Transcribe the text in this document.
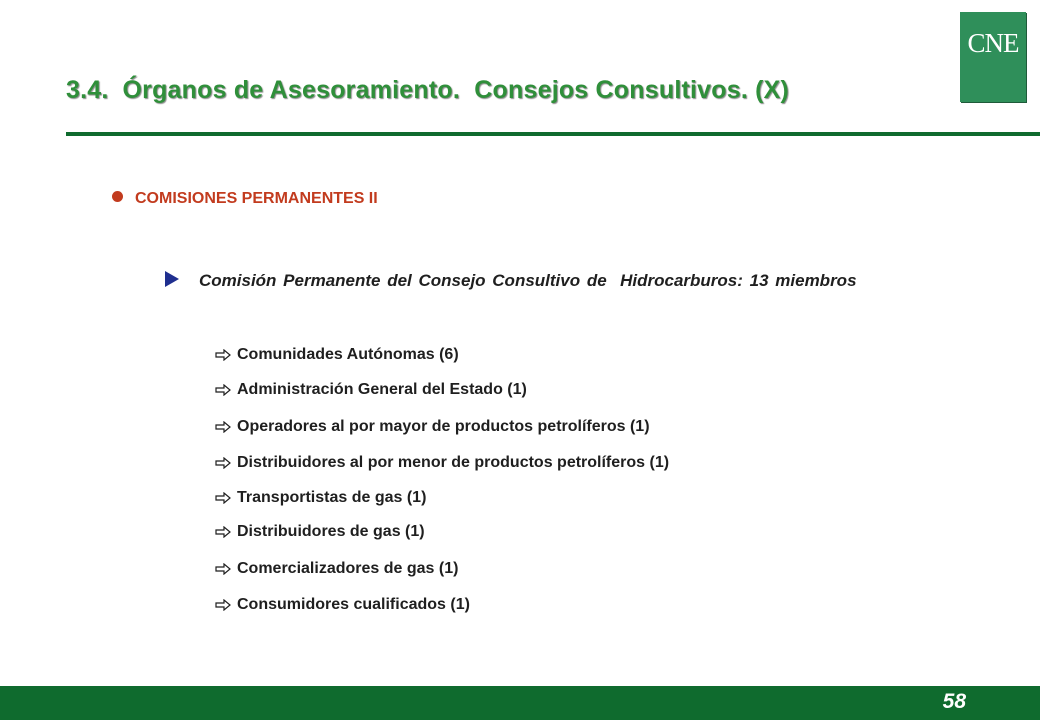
3.4. Órganos de Asesoramiento.  Consejos Consultivos. (X)
CNE
COMISIONES PERMANENTES II
Comisión Permanente del Consejo Consultivo de  Hidrocarburos: 13 miembros
Comunidades Autónomas (6)
Administración General del Estado (1)
Operadores al por mayor de productos petrolíferos (1)
Distribuidores al por menor de productos petrolíferos (1)
Transportistas de gas (1)
Distribuidores de gas (1)
Comercializadores de gas (1)
Consumidores cualificados (1)
58
